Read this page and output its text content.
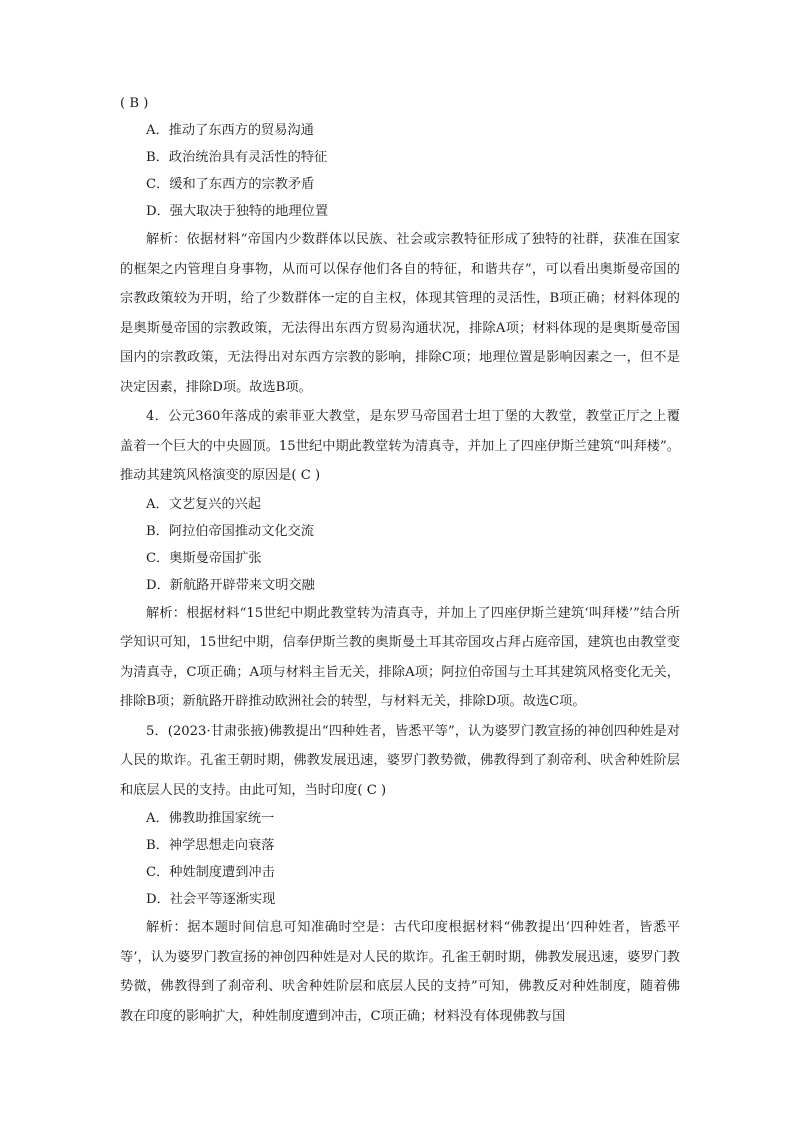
( B )
A．推动了东西方的贸易沟通
B．政治统治具有灵活性的特征
C．缓和了东西方的宗教矛盾
D．强大取决于独特的地理位置

解析：依据材料“帝国内少数群体以民族、社会或宗教特征形成了独特的社群，获准在国家的框架之内管理自身事物，从而可以保存他们各自的特征，和谐共存”，可以看出奥斯曼帝国的宗教政策较为开明，给了少数群体一定的自主权，体现其管理的灵活性，B项正确；材料体现的是奥斯曼帝国的宗教政策，无法得出东西方贸易沟通状况，排除A项；材料体现的是奥斯曼帝国国内的宗教政策，无法得出对东西方宗教的影响，排除C项；地理位置是影响因素之一，但不是决定因素，排除D项。故选B项。

4．公元360年落成的索菲亚大教堂，是东罗马帝国君士坦丁堡的大教堂，教堂正厅之上覆盖着一个巨大的中央圆顶。15世纪中期此教堂转为清真寺，并加上了四座伊斯兰建筑“叫拜楼”。推动其建筑风格演变的原因是( C )

A．文艺复兴的兴起
B．阿拉伯帝国推动文化交流
C．奥斯曼帝国扩张
D．新航路开辟带来文明交融

解析：根据材料“15世纪中期此教堂转为清真寺，并加上了四座伊斯兰建筑‘叫拜楼’”结合所学知识可知，15世纪中期，信奉伊斯兰教的奥斯曼土耳其帝国攻占拜占庭帝国，建筑也由教堂变为清真寺，C项正确；A项与材料主旨无关，排除A项；阿拉伯帝国与土耳其建筑风格变化无关，排除B项；新航路开辟推动欧洲社会的转型，与材料无关，排除D项。故选C项。

5．(2023·甘肃张掖)佛教提出“四种姓者，皆悉平等”，认为婆罗门教宣扬的神创四种姓是对人民的欺诈。孔雀王朝时期，佛教发展迅速，婆罗门教势微，佛教得到了刹帝利、吠舍种姓阶层和底层人民的支持。由此可知，当时印度( C )

A．佛教助推国家统一
B．神学思想走向衰落
C．种姓制度遭到冲击
D．社会平等逐渐实现

解析：据本题时间信息可知准确时空是：古代印度根据材料“佛教提出‘四种姓者，皆悉平等’，认为婆罗门教宣扬的神创四种姓是对人民的欺诈。孔雀王朝时期，佛教发展迅速，婆罗门教势微，佛教得到了刹帝利、吠舍种姓阶层和底层人民的支持”可知，佛教反对种姓制度，随着佛教在印度的影响扩大，种姓制度遭到冲击，C项正确；材料没有体现佛教与国
